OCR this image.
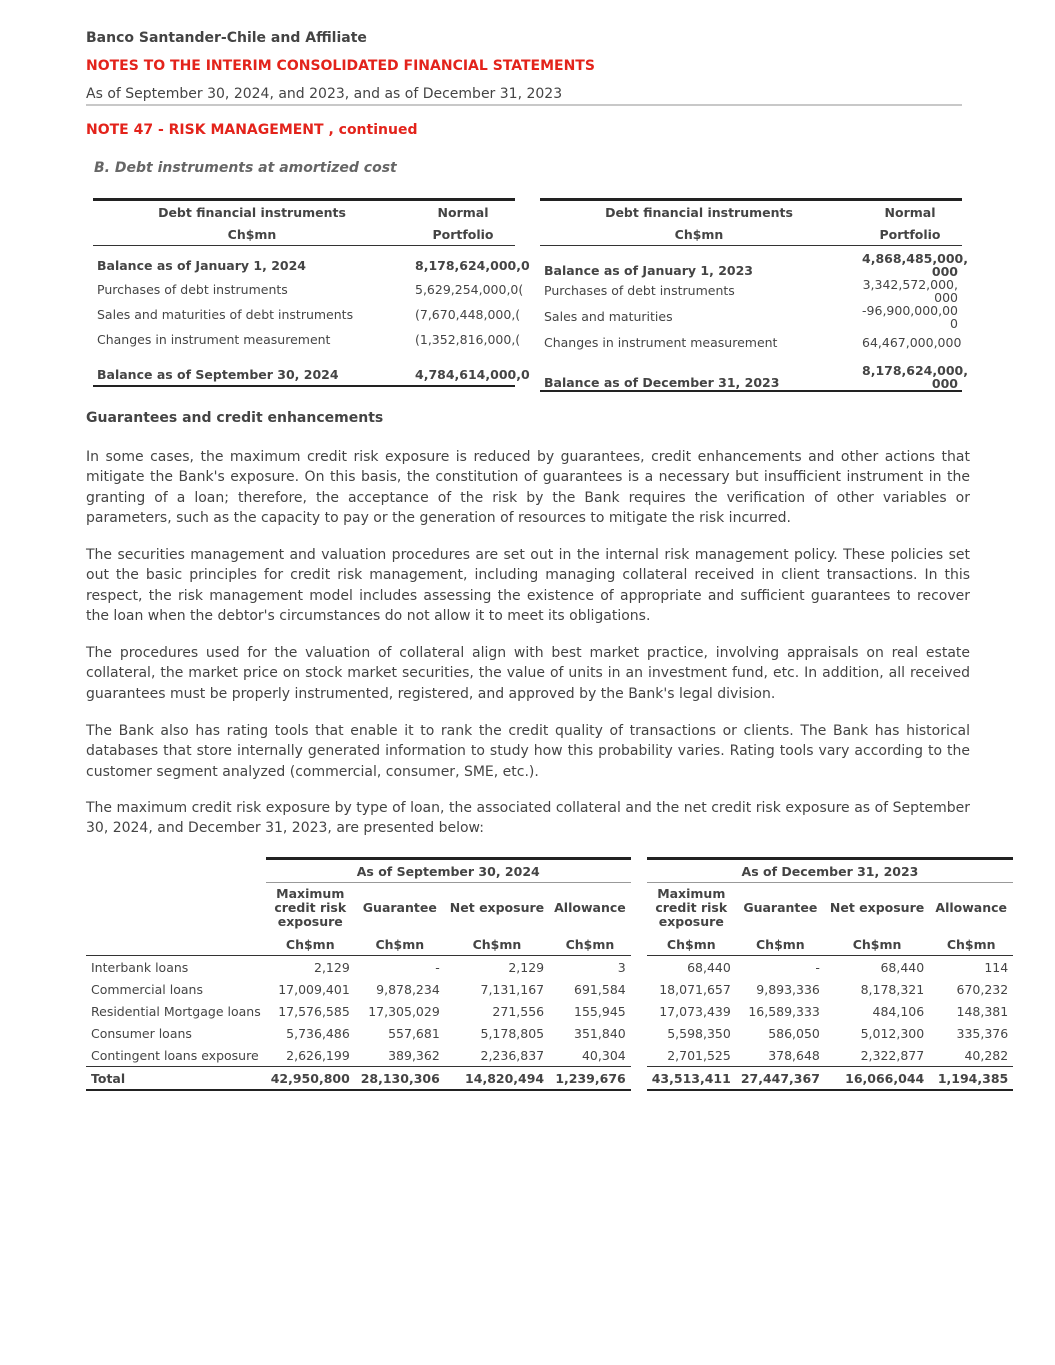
Banco Santander-Chile and Affiliate
NOTES TO THE INTERIM CONSOLIDATED FINANCIAL STATEMENTS
As of September 30, 2024, and 2023, and as of December 31, 2023
NOTE 47 - RISK MANAGEMENT , continued
B. Debt instruments at amortized cost
Debt financial instruments	Normal
Ch$mn	Portfolio

Balance as of January 1, 2024	8,178,624,000,0
Purchases of debt instruments	5,629,254,000,0(
Sales and maturities of debt instruments	(7,670,448,000,(
Changes in instrument measurement	(1,352,816,000,(

Balance as of September 30, 2024	4,784,614,000,0
Debt financial instruments	Normal
Ch$mn	Portfolio
Balance as of January 1, 2023	4,868,485,000, 000
Purchases of debt instruments	3,342,572,000, 000
Sales and maturities	-96,900,000,00 0
Changes in instrument measurement	64,467,000,000
Balance as of December 31, 2023	8,178,624,000, 000
Guarantees and credit enhancements
In some cases, the maximum credit risk exposure is reduced by guarantees, credit enhancements and other actions that mitigate the Bank's exposure. On this basis, the constitution of guarantees is a necessary but insufficient instrument in the granting of a loan; therefore, the acceptance of the risk by the Bank requires the verification of other variables or parameters, such as the capacity to pay or the generation of resources to mitigate the risk incurred.
The securities management and valuation procedures are set out in the internal risk management policy. These policies set out the basic principles for credit risk management, including managing collateral received in client transactions. In this respect, the risk management model includes assessing the existence of appropriate and sufficient guarantees to recover the loan when the debtor's circumstances do not allow it to meet its obligations.
The procedures used for the valuation of collateral align with best market practice, involving appraisals on real estate collateral, the market price on stock market securities, the value of units in an investment fund, etc. In addition, all received guarantees must be properly instrumented, registered, and approved by the Bank's legal division.
The Bank also has rating tools that enable it to rank the credit quality of transactions or clients. The Bank has historical databases that store internally generated information to study how this probability varies. Rating tools vary according to the customer segment analyzed (commercial, consumer, SME, etc.).
The maximum credit risk exposure by type of loan, the associated collateral and the net credit risk exposure as of September 30, 2024, and December 31, 2023, are presented below:
	As of September 30, 2024					As of December 31, 2023			
	Maximum credit risk exposure	Guarantee	Net exposure	Allowance		Maximum credit risk exposure	Guarantee	Net exposure	Allowance
	Ch$mn	Ch$mn	Ch$mn	Ch$mn		Ch$mn	Ch$mn	Ch$mn	Ch$mn
Interbank loans	2,129	-	2,129	3		68,440	-	68,440	114
Commercial loans	17,009,401	9,878,234	7,131,167	691,584		18,071,657	9,893,336	8,178,321	670,232
Residential Mortgage loans	17,576,585	17,305,029	271,556	155,945		17,073,439	16,589,333	484,106	148,381
Consumer loans	5,736,486	557,681	5,178,805	351,840		5,598,350	586,050	5,012,300	335,376
Contingent loans exposure	2,626,199	389,362	2,236,837	40,304		2,701,525	378,648	2,322,877	40,282
Total	42,950,800	28,130,306	14,820,494	1,239,676		43,513,411	27,447,367	16,066,044	1,194,385
